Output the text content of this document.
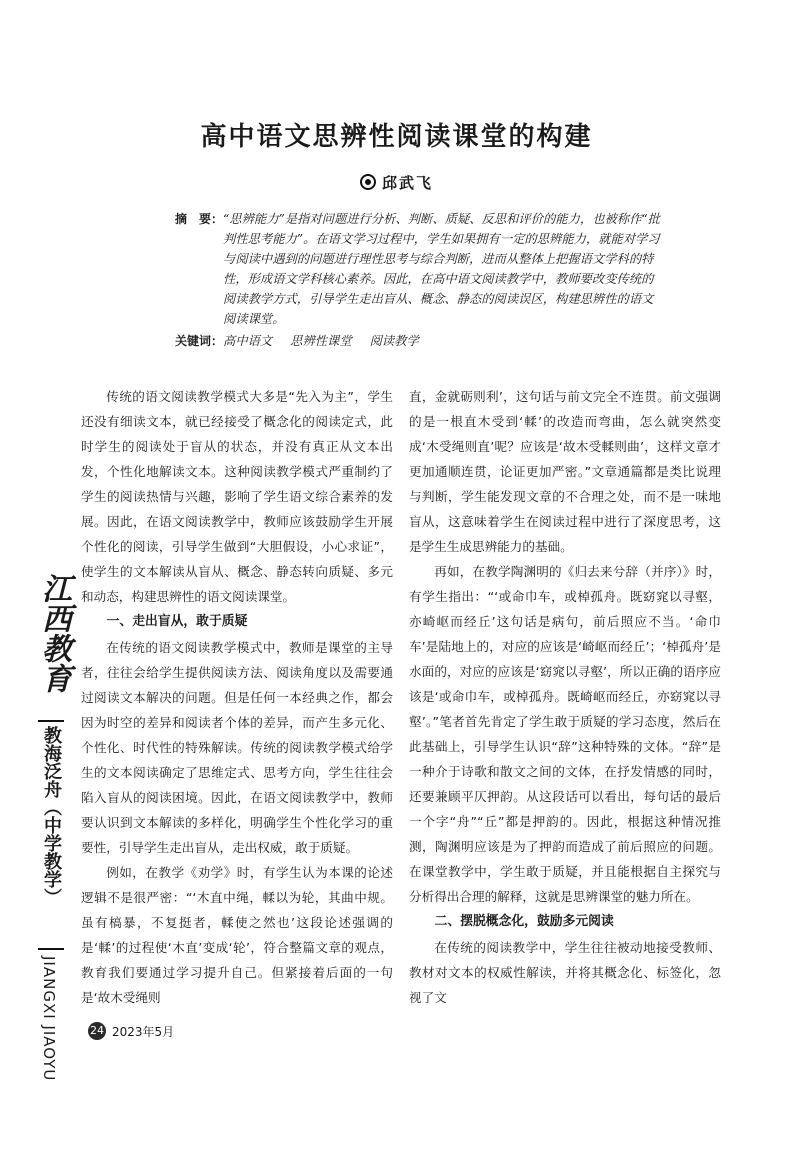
高中语文思辨性阅读课堂的构建
邱武飞
摘　要： “思辨能力”是指对问题进行分析、判断、质疑、反思和评价的能力，也被称作“批判性思考能力”。在语文学习过程中，学生如果拥有一定的思辨能力，就能对学习与阅读中遇到的问题进行理性思考与综合判断，进而从整体上把握语文学科的特性，形成语文学科核心素养。因此，在高中语文阅读教学中，教师要改变传统的阅读教学方式，引导学生走出盲从、概念、静态的阅读误区，构建思辨性的语文阅读课堂。
关键词： 高中语文 思辨性课堂 阅读教学

传统的语文阅读教学模式大多是“先入为主”，学生还没有细读文本，就已经接受了概念化的阅读定式，此时学生的阅读处于盲从的状态，并没有真正从文本出发，个性化地解读文本。这种阅读教学模式严重制约了学生的阅读热情与兴趣，影响了学生语文综合素养的发展。因此，在语文阅读教学中，教师应该鼓励学生开展个性化的阅读，引导学生做到“大胆假设，小心求证”，使学生的文本解读从盲从、概念、静态转向质疑、多元和动态，构建思辨性的语文阅读课堂。

一、走出盲从，敢于质疑

在传统的语文阅读教学模式中，教师是课堂的主导者，往往会给学生提供阅读方法、阅读角度以及需要通过阅读文本解决的问题。但是任何一本经典之作，都会因为时空的差异和阅读者个体的差异，而产生多元化、个性化、时代性的特殊解读。传统的阅读教学模式给学生的文本阅读确定了思维定式、思考方向，学生往往会陷入盲从的阅读困境。因此，在语文阅读教学中，教师要认识到文本解读的多样化，明确学生个性化学习的重要性，引导学生走出盲从，走出权威，敢于质疑。

例如，在教学《劝学》时，有学生认为本课的论述逻辑不是很严密：“‘木直中绳，輮以为轮，其曲中规。虽有槁暴，不复挺者，輮使之然也’这段论述强调的是‘輮’的过程使‘木直’变成‘轮’，符合整篇文章的观点，教育我们要通过学习提升自己。但紧接着后面的一句是‘故木受绳则

直，金就砺则利’，这句话与前文完全不连贯。前文强调的是一根直木受到‘輮’的改造而弯曲，怎么就突然变成‘木受绳则直’呢？应该是‘故木受輮则曲’，这样文章才更加通顺连贯，论证更加严密。”文章通篇都是类比说理与判断，学生能发现文章的不合理之处，而不是一味地盲从，这意味着学生在阅读过程中进行了深度思考，这是学生生成思辨能力的基础。

再如，在教学陶渊明的《归去来兮辞（并序）》时，有学生指出：“‘或命巾车，或棹孤舟。既窈窕以寻壑，亦崎岖而经丘’这句话是病句，前后照应不当。‘命巾车’是陆地上的，对应的应该是‘崎岖而经丘’；‘棹孤舟’是水面的，对应的应该是‘窈窕以寻壑’，所以正确的语序应该是‘或命巾车，或棹孤舟。既崎岖而经丘，亦窈窕以寻壑’。”笔者首先肯定了学生敢于质疑的学习态度，然后在此基础上，引导学生认识“辞”这种特殊的文体。“辞”是一种介于诗歌和散文之间的文体，在抒发情感的同时，还要兼顾平仄押韵。从这段话可以看出，每句话的最后一个字“舟”“丘”都是押韵的。因此，根据这种情况推测，陶渊明应该是为了押韵而造成了前后照应的问题。在课堂教学中，学生敢于质疑，并且能根据自主探究与分析得出合理的解释，这就是思辨课堂的魅力所在。

二、摆脱概念化，鼓励多元阅读

在传统的阅读教学中，学生往往被动地接受教师、教材对文本的权威性解读，并将其概念化、标签化，忽视了文

江西教育
教海泛舟（中学教学）
JIANGXI JIAOYU	24 2023年5月
